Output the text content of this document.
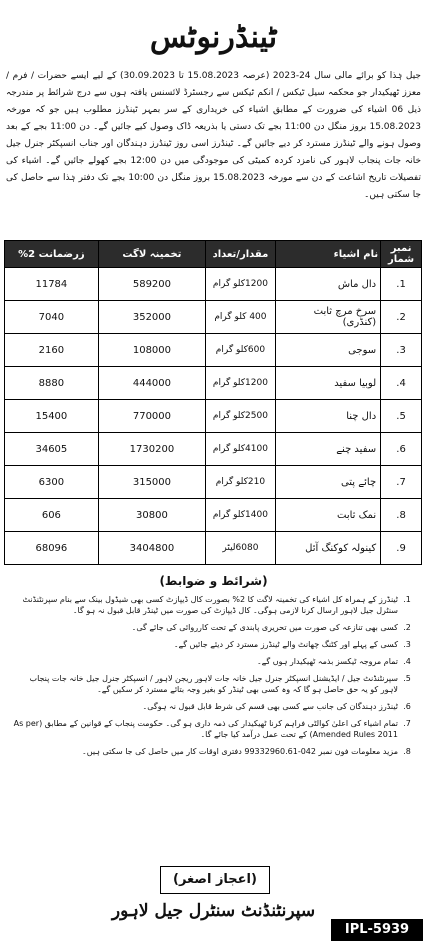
ٹینڈرنوٹس
جیل ہٰذا کو برائے مالی سال 24-2023 (عرصہ 15.08.2023 تا 30.09.2023) کے لیے ایسے حضرات / فرم / معزز ٹھیکیدار جو محکمہ سیل ٹیکس / انکم ٹیکس سے رجسٹرڈ لائسنس یافتہ ہوں سے درج شرائط پر مندرجہ ذیل 06 اشیاء کی ضرورت کے مطابق اشیاء کی خریداری کے سر بمہر ٹینڈرز مطلوب ہیں جو کہ مورخہ 15.08.2023 بروز منگل دن 11:00 بجے تک دستی یا بذریعہ ڈاک وصول کیے جائیں گے۔ دن 11:00 بجے کے بعد وصول ہونے والے ٹینڈرز مسترد کر دیے جائیں گے۔ ٹینڈرز اسی روز ٹینڈرز دہندگان اور جناب انسپکٹر جنرل جیل خانہ جات پنجاب لاہور کی نامزد کردہ کمیٹی کی موجودگی میں دن 12:00 بجے کھولے جائیں گے۔ اشیاء کی تفصیلات تاریخ اشاعت کے دن سے مورخہ 15.08.2023 بروز منگل دن 10:00 بجے تک دفتر ہٰذا سے حاصل کی جا سکتی ہیں۔
نمبر شمار	نام اشیاء	مقدار/تعداد	تخمینہ لاگت	زرضمانت 2%
1.	دال ماش	1200کلو گرام	589200	11784
2.	سرخ مرچ ثابت (کنڈری)	400 کلو گرام	352000	7040
3.	سوجی	600کلو گرام	108000	2160
4.	لوبیا سفید	1200کلو گرام	444000	8880
5.	دال چنا	2500کلو گرام	770000	15400
6.	سفید چنے	4100کلو گرام	1730200	34605
7.	چائے پتی	210کلو گرام	315000	6300
8.	نمک ثابت	1400کلو گرام	30800	606
9.	کینولہ کوکنگ آئل	6080لیٹر	3404800	68096
(شرائط و ضوابط)
1.
ٹینڈرز کے ہمراہ کل اشیاء کی تخمینہ لاگت کا 2% بصورت کال ڈیپازٹ کسی بھی شیڈول بینک سے بنام سپرنٹنڈنٹ سنٹرل جیل لاہور ارسال کرنا لازمی ہوگی۔ کال ڈیپازٹ کی صورت میں ٹینڈر قابل قبول نہ ہو گا۔
2.
کسی بھی تنازعہ کی صورت میں تحریری پابندی کے تحت کارروائی کی جائے گی۔
3.
کسی کے پہلے اور کٹنگ چھانٹ والے ٹینڈرز مسترد کر دیئے جائیں گے۔
4.
تمام مروجہ ٹیکسز بذمہ ٹھیکیدار ہوں گے۔
5.
سپرنٹنڈنٹ جیل / ایڈیشنل انسپکٹر جنرل جیل خانہ جات لاہور ریجن لاہور / انسپکٹر جنرل جیل خانہ جات پنجاب لاہور کو یہ حق حاصل ہو گا کہ وہ کسی بھی ٹینڈر کو بغیر وجہ بتائے مسترد کر سکیں گے۔
6.
ٹینڈرز دہندگان کی جانب سے کسی بھی قسم کی شرط قابل قبول نہ ہوگی۔
7.
تمام اشیاء کی اعلیٰ کوالٹی فراہم کرنا ٹھیکیدار کی ذمہ داری ہو گی۔ حکومت پنجاب کے قوانین کے مطابق (As per Amended Rules 2011) کے تحت عمل درآمد کیا جائے گا۔
8.
مزید معلومات فون نمبر 042-99332960.61 دفتری اوقات کار میں حاصل کی جا سکتی ہیں۔
(اعجاز اصغر)
سپرنٹنڈنٹ سنٹرل جیل لاہور
IPL-5939
